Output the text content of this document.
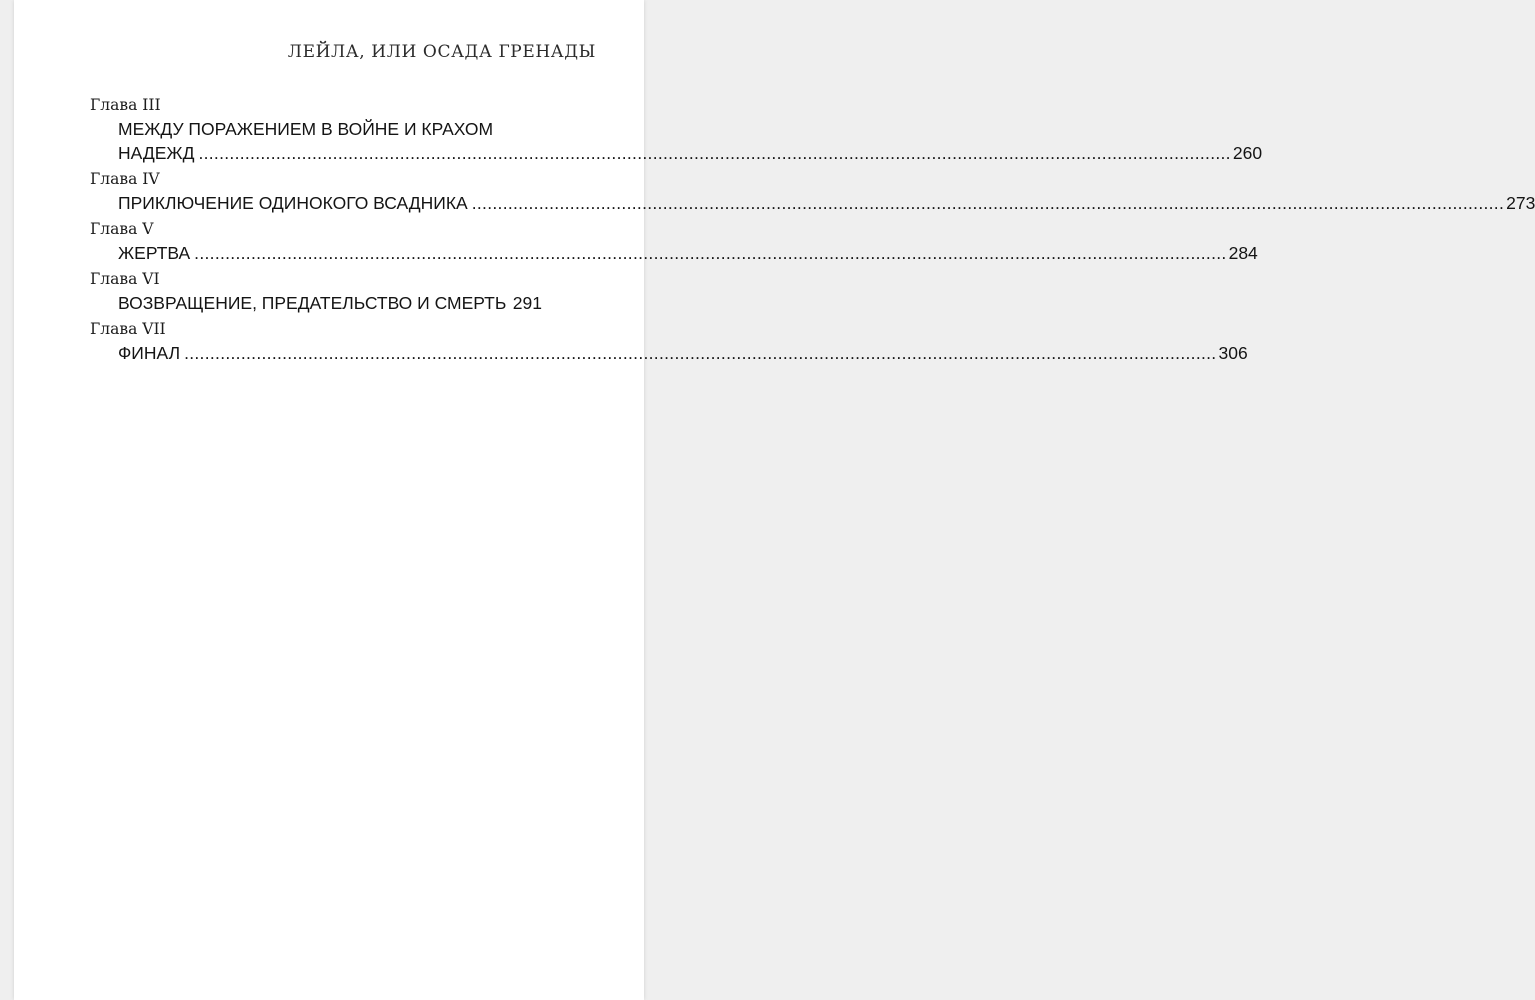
ЛЕЙЛА, ИЛИ ОСАДА ГРЕНАДЫ
Глава III
МЕЖДУ ПОРАЖЕНИЕМ В ВОЙНЕ И КРАХОМ
НАДЕЖД ........................................................................................................................................................................................................ 260
Глава IV
ПРИКЛЮЧЕНИЕ ОДИНОКОГО ВСАДНИКА ........................................................................................................................................................................................................ 273
Глава V
ЖЕРТВА ........................................................................................................................................................................................................ 284
Глава VI
ВОЗВРАЩЕНИЕ, ПРЕДАТЕЛЬСТВО И СМЕРТЬ 291
Глава VII
ФИНАЛ ........................................................................................................................................................................................................ 306
